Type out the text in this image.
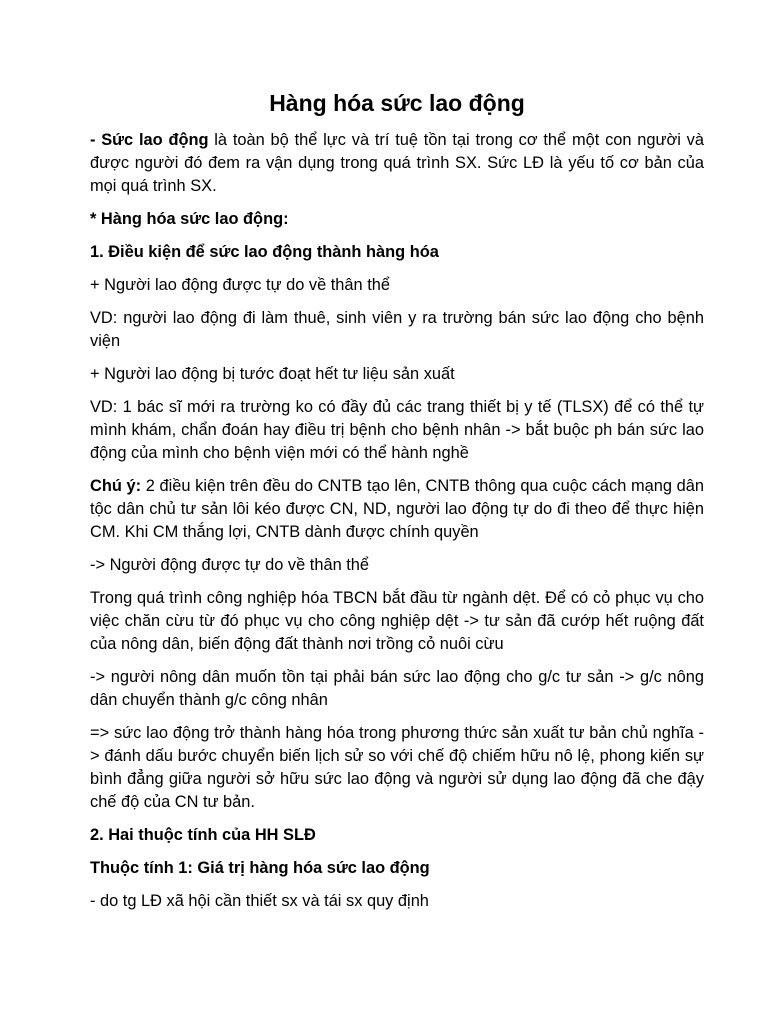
Hàng hóa sức lao động

- Sức lao động là toàn bộ thể lực và trí tuệ tồn tại trong cơ thể một con người và được người đó đem ra vận dụng trong quá trình SX. Sức LĐ là yếu tố cơ bản của mọi quá trình SX.

* Hàng hóa sức lao động:

1. Điều kiện để sức lao động thành hàng hóa

+ Người lao động được tự do về thân thể

VD: người lao động đi làm thuê, sinh viên y ra trường bán sức lao động cho bệnh viện

+ Người lao động bị tước đoạt hết tư liệu sản xuất

VD: 1 bác sĩ mới ra trường ko có đầy đủ các trang thiết bị y tế (TLSX) để có thể tự mình khám, chẩn đoán hay điều trị bệnh cho bệnh nhân -> bắt buộc ph bán sức lao động của mình cho bệnh viện mới có thể hành nghề

Chú ý: 2 điều kiện trên đều do CNTB tạo lên, CNTB thông qua cuộc cách mạng dân tộc dân chủ tư sản lôi kéo được CN, ND, người lao động tự do đi theo để thực hiện CM. Khi CM thắng lợi, CNTB dành được chính quyền

-> Người động được tự do về thân thể

Trong quá trình công nghiệp hóa TBCN bắt đầu từ ngành dệt. Để có cỏ phục vụ cho việc chăn cừu từ đó phục vụ cho công nghiệp dệt -> tư sản đã cướp hết ruộng đất của nông dân, biến động đất thành nơi trồng cỏ nuôi cừu

-> người nông dân muốn tồn tại phải bán sức lao động cho g/c tư sản -> g/c nông dân chuyển thành g/c công nhân

=> sức lao động trở thành hàng hóa trong phương thức sản xuất tư bản chủ nghĩa -> đánh dấu bước chuyển biến lịch sử so với chế độ chiếm hữu nô lệ, phong kiến sự bình đẳng giữa người sở hữu sức lao động và người sử dụng lao động đã che đậy chế độ của CN tư bản.

2. Hai thuộc tính của HH SLĐ

Thuộc tính 1: Giá trị hàng hóa sức lao động

- do tg LĐ xã hội cần thiết sx và tái sx quy định
